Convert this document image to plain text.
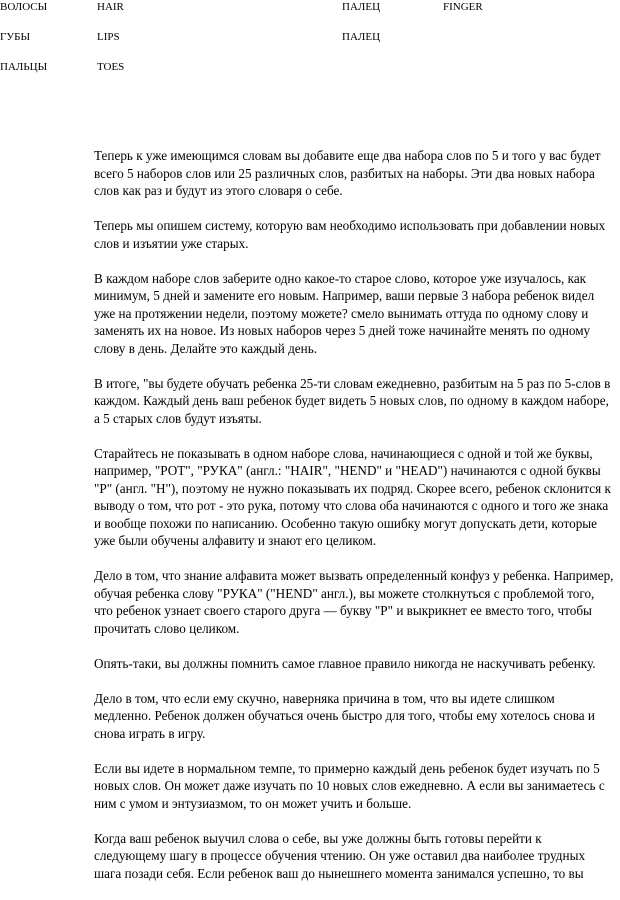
ВОЛОСЫ	HAIR	ПАЛЕЦ	FINGER
ГУБЫ	LIPS	ПАЛЕЦ
ПАЛЬЦЫ	TOES

Теперь к уже имеющимся словам вы добавите еще два набора слов по 5 и того у вас будет всего 5 наборов слов или 25 различных слов, разбитых на наборы. Эти два новых набора слов как раз и будут из этого словаря о себе.

Теперь мы опишем систему, которую вам необходимо использовать при добавлении новых слов и изъятии уже старых.

В каждом наборе слов заберите одно какое-то старое слово, которое уже изучалось, как минимум, 5 дней и замените его новым. Например, ваши первые 3 набора ребенок видел уже на протяжении недели, поэтому можете? смело вынимать оттуда по одному слову и заменять их на новое. Из новых наборов через 5 дней тоже начинайте менять по одному слову в день. Делайте это каждый день.

В итоге, "вы будете обучать ребенка 25-ти словам ежедневно, разбитым на 5 раз по 5-слов в каждом. Каждый день ваш ребенок будет видеть 5 новых слов, по одному в каждом наборе, а 5 старых слов будут изъяты.

Старайтесь не показывать в одном наборе слова, начинающиеся с одной и той же буквы, например, "РОТ", "РУКА" (англ.: "HAIR", "HEND" и "HEAD") начинаются с одной буквы "Р" (англ. "Н"), поэтому не нужно показывать их подряд. Скорее всего, ребенок склонится к выводу о том, что рот - это рука, потому что слова оба начинаются с одного и того же знака и вообще похожи по написанию. Особенно такую ошибку могут допускать дети, которые уже были обучены алфавиту и знают его целиком.

Дело в том, что знание алфавита может вызвать определенный конфуз у ребенка. Например, обучая ребенка слову "РУКА" ("HEND" англ.), вы можете столкнуться с проблемой того, что ребенок узнает своего старого друга — букву "Р" и выкрикнет ее вместо того, чтобы прочитать слово целиком.

Опять-таки, вы должны помнить самое главное правило никогда не наскучивать ребенку.

Дело в том, что если ему скучно, наверняка причина в том, что вы идете слишком медленно. Ребенок должен обучаться очень быстро для того, чтобы ему хотелось снова и снова играть в игру.

Если вы идете в нормальном темпе, то примерно каждый день ребенок будет изучать по 5 новых слов. Он может даже изучать по 10 новых слов ежедневно. А если вы занимаетесь с ним с умом и энтузиазмом, то он может учить и больше.

Когда ваш ребенок выучил слова о себе, вы уже должны быть готовы перейти к следующему шагу в процессе обучения чтению. Он уже оставил два наиболее трудных шага позади себя. Если ребенок ваш до нынешнего момента занимался успешно, то вы
